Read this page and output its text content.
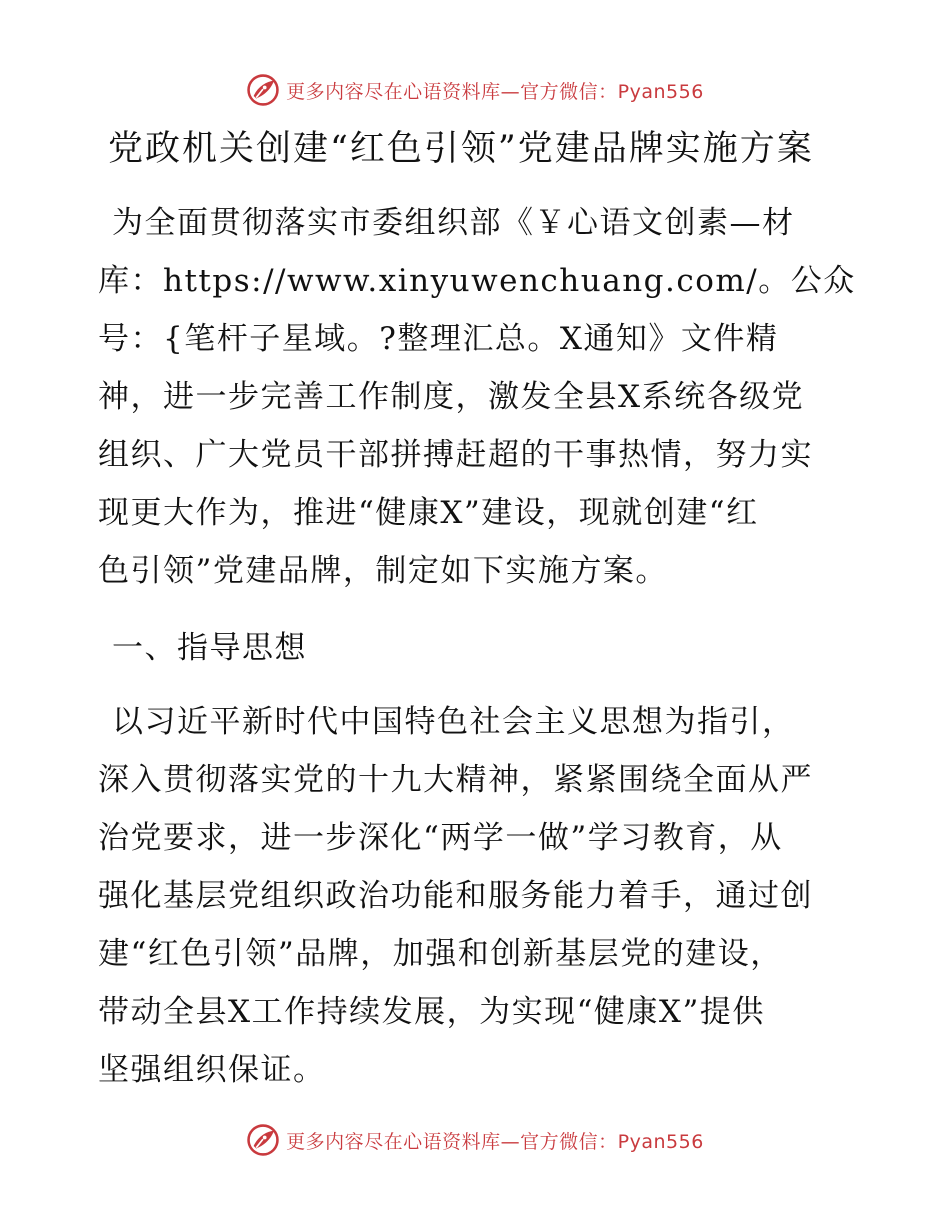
更多内容尽在心语资料库—官方微信：Pyan556
党政机关创建“红色引领”党建品牌实施方案
为全面贯彻落实市委组织部《￥心语文创素—材
库：https://www.xinyuwenchuang.com/。公众
号：{笔杆子星域。?整理汇总。X通知》文件精
神，进一步完善工作制度，激发全县X系统各级党
组织、广大党员干部拼搏赶超的干事热情，努力实
现更大作为，推进“健康X”建设，现就创建“红
色引领”党建品牌，制定如下实施方案。
一、指导思想
以习近平新时代中国特色社会主义思想为指引，
深入贯彻落实党的十九大精神，紧紧围绕全面从严
治党要求，进一步深化“两学一做”学习教育，从
强化基层党组织政治功能和服务能力着手，通过创
建“红色引领”品牌，加强和创新基层党的建设，
带动全县X工作持续发展，为实现“健康X”提供
坚强组织保证。
更多内容尽在心语资料库—官方微信：Pyan556
